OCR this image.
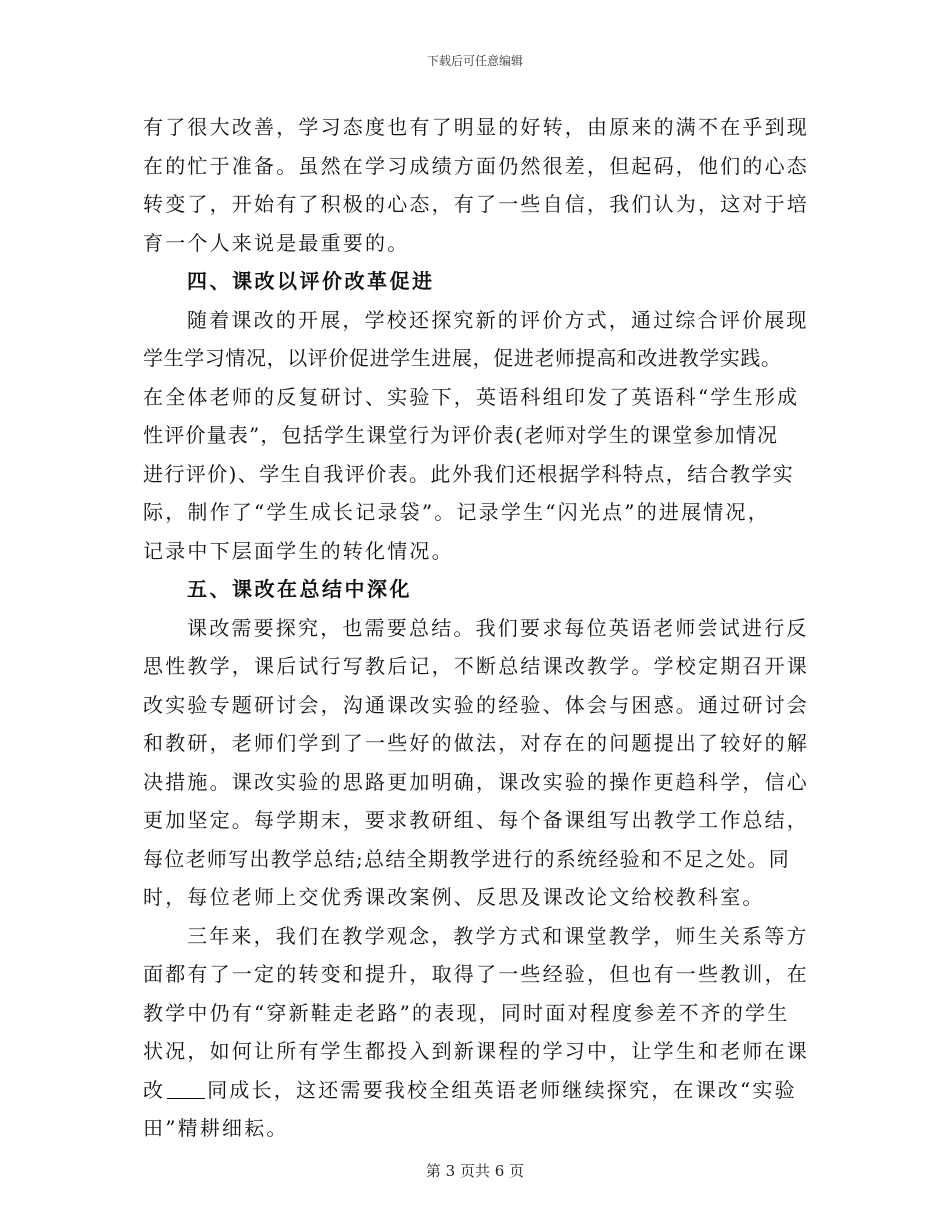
下载后可任意编辑
有了很大改善，学习态度也有了明显的好转，由原来的满不在乎到现
在的忙于准备。虽然在学习成绩方面仍然很差，但起码，他们的心态
转变了，开始有了积极的心态，有了一些自信，我们认为，这对于培
育一个人来说是最重要的。
四、课改以评价改革促进
随着课改的开展，学校还探究新的评价方式，通过综合评价展现
学生学习情况，以评价促进学生进展，促进老师提高和改进教学实践。
在全体老师的反复研讨、实验下，英语科组印发了英语科“学生形成
性评价量表”，包括学生课堂行为评价表(老师对学生的课堂参加情况
进行评价)、学生自我评价表。此外我们还根据学科特点，结合教学实
际，制作了“学生成长记录袋”。记录学生“闪光点”的进展情况，
记录中下层面学生的转化情况。
五、课改在总结中深化
课改需要探究，也需要总结。我们要求每位英语老师尝试进行反
思性教学，课后试行写教后记，不断总结课改教学。学校定期召开课
改实验专题研讨会，沟通课改实验的经验、体会与困惑。通过研讨会
和教研，老师们学到了一些好的做法，对存在的问题提出了较好的解
决措施。课改实验的思路更加明确，课改实验的操作更趋科学，信心
更加坚定。每学期末，要求教研组、每个备课组写出教学工作总结，
每位老师写出教学总结;总结全期教学进行的系统经验和不足之处。同
时，每位老师上交优秀课改案例、反思及课改论文给校教科室。
三年来，我们在教学观念，教学方式和课堂教学，师生关系等方
面都有了一定的转变和提升，取得了一些经验，但也有一些教训，在
教学中仍有“穿新鞋走老路”的表现，同时面对程度参差不齐的学生
状况，如何让所有学生都投入到新课程的学习中，让学生和老师在课
改 同成长，这还需要我校全组英语老师继续探究，在课改“实验
田”精耕细耘。
第 3 页共 6 页
